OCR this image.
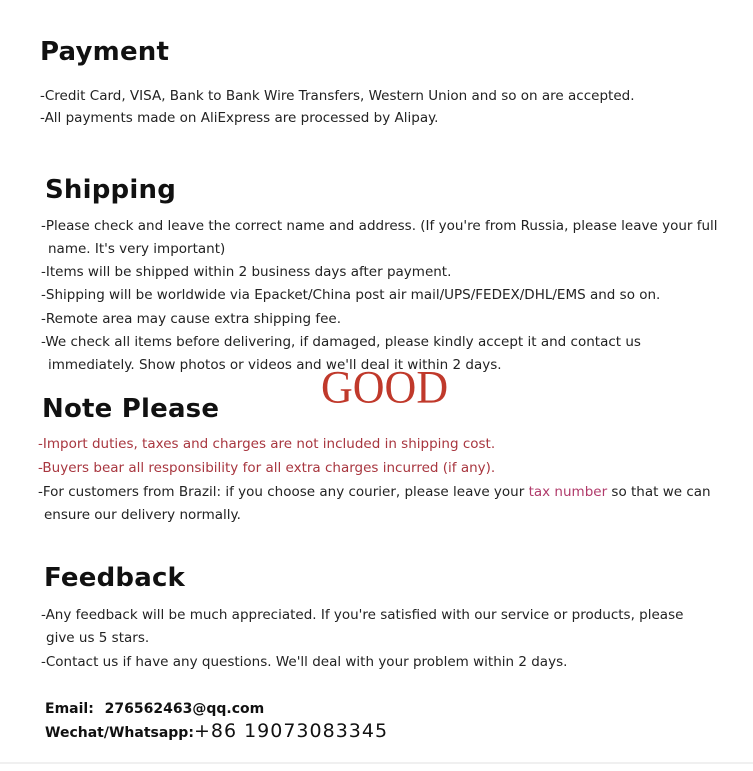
Payment
-Credit Card, VISA, Bank to Bank Wire Transfers, Western Union and so on are accepted.
-All payments made on AliExpress are processed by Alipay.
Shipping
-Please check and leave the correct name and address. (If you're from Russia, please leave your full
name. It's very important)
-Items will be shipped within 2 business days after payment.
-Shipping will be worldwide via Epacket/China post air mail/UPS/FEDEX/DHL/EMS and so on.
-Remote area may cause extra shipping fee.
-We check all items before delivering, if damaged, please kindly accept it and contact us
immediately. Show photos or videos and we'll deal it within 2 days.
GOOD
Note Please
-Import duties, taxes and charges are not included in shipping cost.
-Buyers bear all responsibility for all extra charges incurred (if any).
-For customers from Brazil: if you choose any courier, please leave your tax number so that we can
ensure our delivery normally.
Feedback
-Any feedback will be much appreciated. If you're satisfied with our service or products, please
give us 5 stars.
-Contact us if have any questions. We'll deal with your problem within 2 days.
Email: 276562463@qq.com
Wechat/Whatsapp:+86 19073083345
